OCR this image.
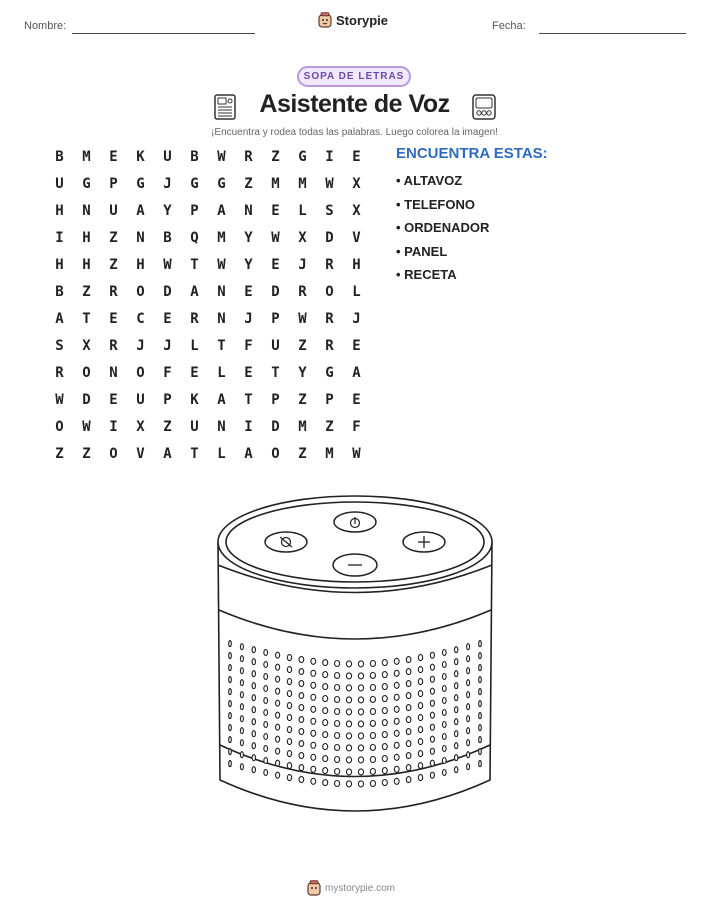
Nombre:	Storypie	Fecha:
SOPA DE LETRAS
Asistente de Voz
¡Encuentra y rodea todas las palabras. Luego colorea la imagen!
B	M	E	K	U	B	W	R	Z	G	I	E
U	G	P	G	J	G	G	Z	M	M	W	X
H	N	U	A	Y	P	A	N	E	L	S	X
I	H	Z	N	B	Q	M	Y	W	X	D	V
H	H	Z	H	W	T	W	Y	E	J	R	H
B	Z	R	O	D	A	N	E	D	R	O	L
A	T	E	C	E	R	N	J	P	W	R	J
S	X	R	J	J	L	T	F	U	Z	R	E
R	O	N	O	F	E	L	E	T	Y	G	A
W	D	E	U	P	K	A	T	P	Z	P	E
O	W	I	X	Z	U	N	I	D	M	Z	F
Z	Z	O	V	A	T	L	A	O	Z	M	W
ENCUENTRA ESTAS:
• ALTAVOZ
• TELEFONO
• ORDENADOR
• PANEL
• RECETA
mystorypie.com
